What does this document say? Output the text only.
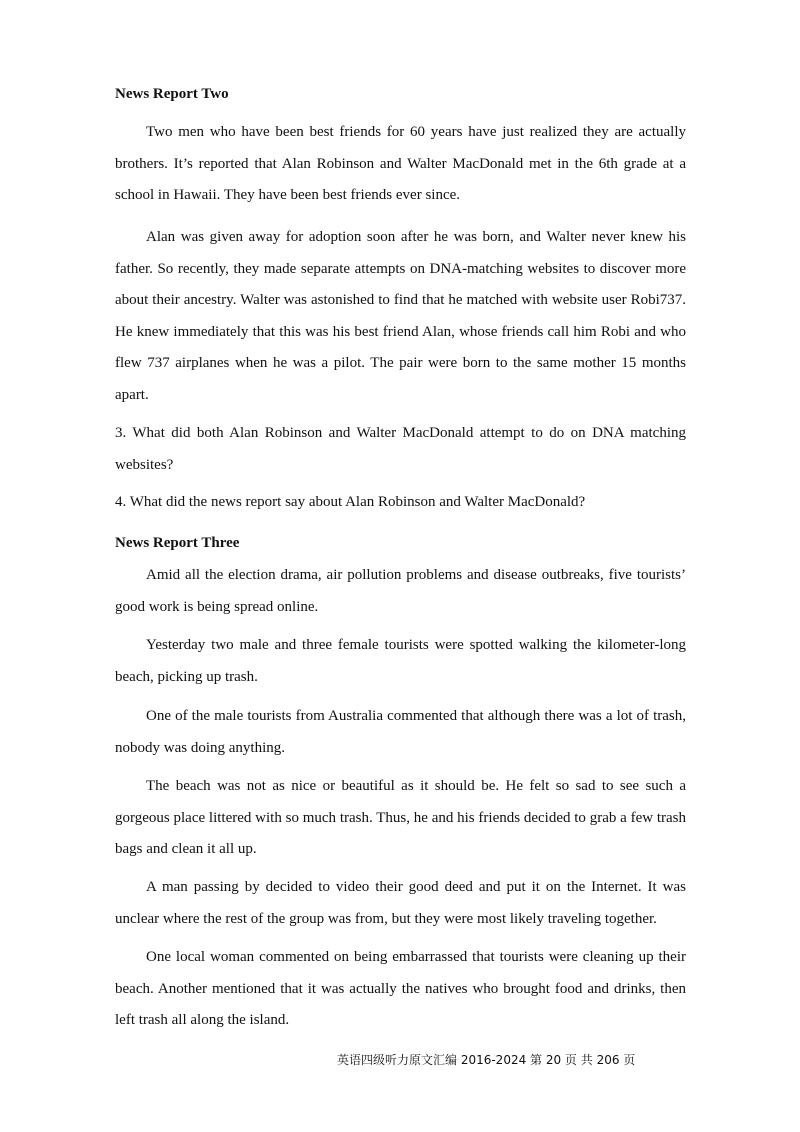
News Report Two

Two men who have been best friends for 60 years have just realized they are actually brothers. It’s reported that Alan Robinson and Walter MacDonald met in the 6th grade at a school in Hawaii. They have been best friends ever since.

Alan was given away for adoption soon after he was born, and Walter never knew his father. So recently, they made separate attempts on DNA-matching websites to discover more about their ancestry. Walter was astonished to find that he matched with website user Robi737. He knew immediately that this was his best friend Alan, whose friends call him Robi and who flew 737 airplanes when he was a pilot. The pair were born to the same mother 15 months apart.

3. What did both Alan Robinson and Walter MacDonald attempt to do on DNA matching websites?

4. What did the news report say about Alan Robinson and Walter MacDonald?

News Report Three

Amid all the election drama, air pollution problems and disease outbreaks, five tourists’ good work is being spread online.

Yesterday two male and three female tourists were spotted walking the kilometer-long beach, picking up trash.

One of the male tourists from Australia commented that although there was a lot of trash, nobody was doing anything.

The beach was not as nice or beautiful as it should be. He felt so sad to see such a gorgeous place littered with so much trash. Thus, he and his friends decided to grab a few trash bags and clean it all up.

A man passing by decided to video their good deed and put it on the Internet. It was unclear where the rest of the group was from, but they were most likely traveling together.

One local woman commented on being embarrassed that tourists were cleaning up their beach. Another mentioned that it was actually the natives who brought food and drinks, then left trash all along the island.

英语四级听力原文汇编 2016-2024 第 20 页 共 206 页
